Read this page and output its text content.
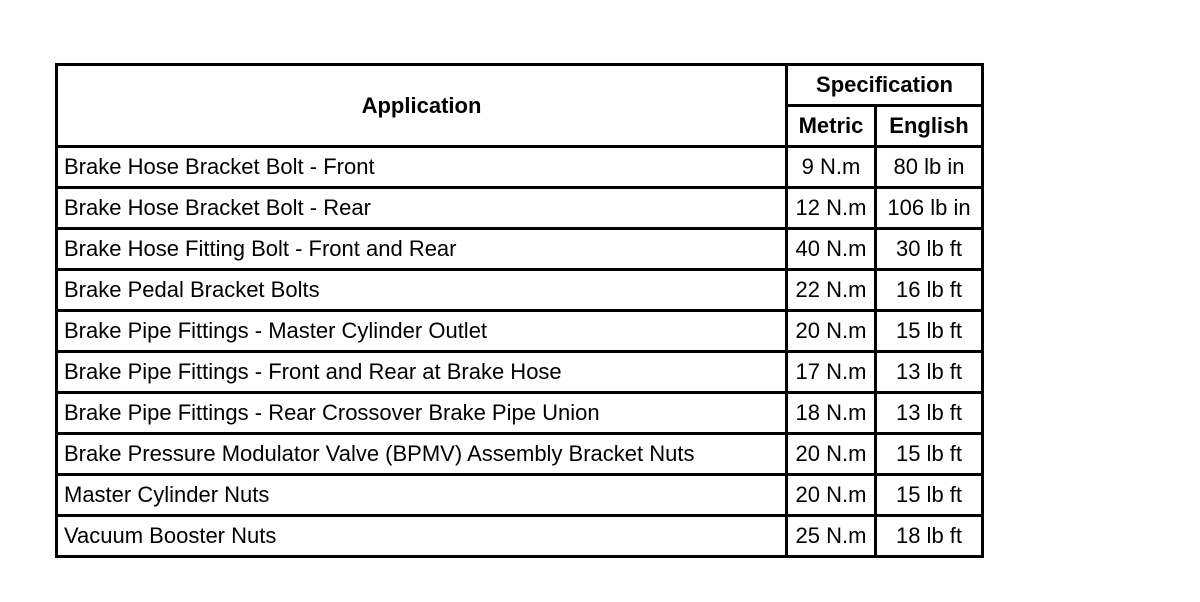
Application	Specification	
	Metric	English
Brake Hose Bracket Bolt - Front	9 N.m	80 lb in
Brake Hose Bracket Bolt - Rear	12 N.m	106 lb in
Brake Hose Fitting Bolt - Front and Rear	40 N.m	30 lb ft
Brake Pedal Bracket Bolts	22 N.m	16 lb ft
Brake Pipe Fittings - Master Cylinder Outlet	20 N.m	15 lb ft
Brake Pipe Fittings - Front and Rear at Brake Hose	17 N.m	13 lb ft
Brake Pipe Fittings - Rear Crossover Brake Pipe Union	18 N.m	13 lb ft
Brake Pressure Modulator Valve (BPMV) Assembly Bracket Nuts	20 N.m	15 lb ft
Master Cylinder Nuts	20 N.m	15 lb ft
Vacuum Booster Nuts	25 N.m	18 lb ft
